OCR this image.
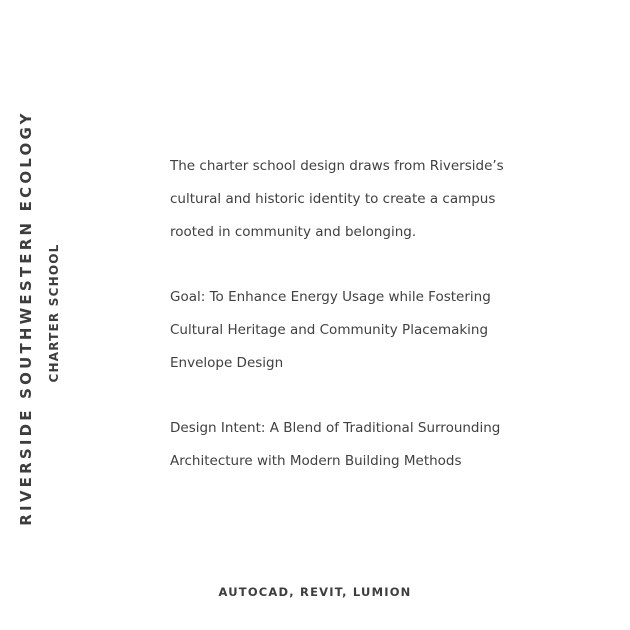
RIVERSIDE SOUTHWESTERN ECOLOGY CHARTER SCHOOL

The charter school design draws from Riverside’s
cultural and historic identity to create a campus
rooted in community and belonging.

Goal: To Enhance Energy Usage while Fostering
Cultural Heritage and Community Placemaking
Envelope Design

Design Intent: A Blend of Traditional Surrounding
Architecture with Modern Building Methods

AUTOCAD, REVIT, LUMION
